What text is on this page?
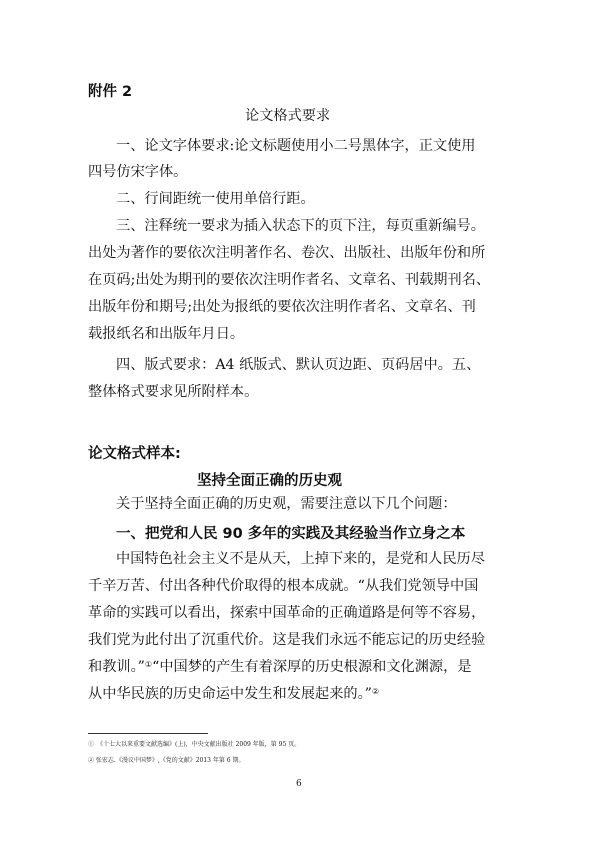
附件 2
论文格式要求
一、论文字体要求:论文标题使用小二号黑体字，正文使用
四号仿宋字体。
二、行间距统一使用单倍行距。
三、注释统一要求为插入状态下的页下注，每页重新编号。
出处为著作的要依次注明著作名、卷次、出版社、出版年份和所
在页码;出处为期刊的要依次注明作者名、文章名、刊载期刊名、
出版年份和期号;出处为报纸的要依次注明作者名、文章名、刊
载报纸名和出版年月日。
四、版式要求：A4 纸版式、默认页边距、页码居中。五、
整体格式要求见所附样本。
论文格式样本:
坚持全面正确的历史观
关于坚持全面正确的历史观，需要注意以下几个问题：
一、把党和人民 90 多年的实践及其经验当作立身之本
中国特色社会主义不是从天，上掉下来的，是党和人民历尽
千辛万苦、付出各种代价取得的根本成就。“从我们党领导中国
革命的实践可以看出，探索中国革命的正确道路是何等不容易，
我们党为此付出了沉重代价。这是我们永远不能忘记的历史经验
和教训。”①“中国梦的产生有着深厚的历史根源和文化渊源，是
从中华民族的历史命运中发生和发展起来的。”②
①　《十七大以来重要文献选编》(上)，中央文献出版社 2009 年版，第 95 页。
② 张宏志.《漫议中国梦》,《党的文献》2013 年第 6 期。
6
